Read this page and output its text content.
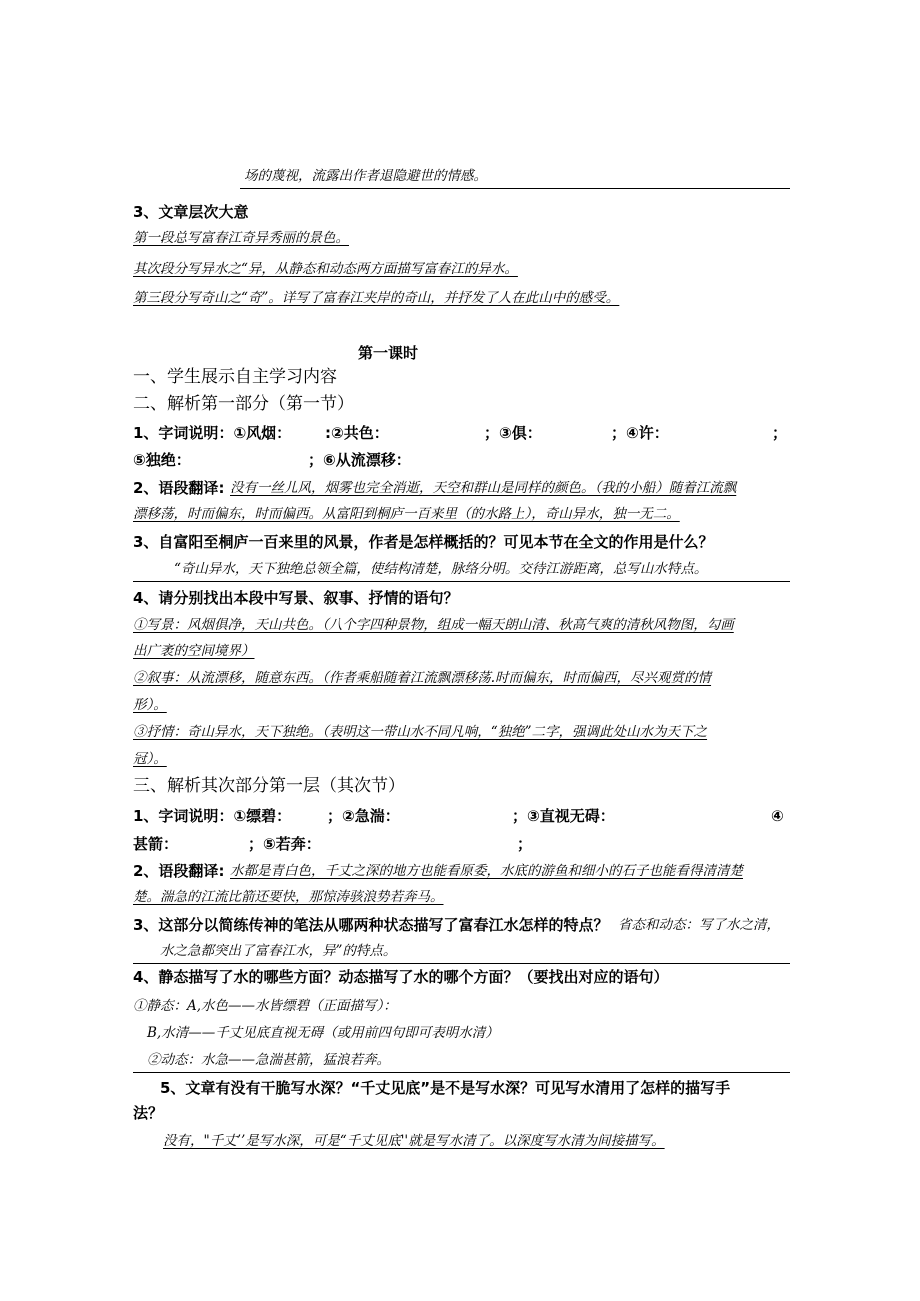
场的蔑视，流露出作者退隐避世的情感。
3、文章层次大意
第一段总写富春江奇异秀丽的景色。
其次段分写异水之“异，从静态和动态两方面描写富春江的异水。
第三段分写奇山之“奇”。详写了富春江夹岸的奇山，并抒发了人在此山中的感受。
第一课时
一、学生展示自主学习内容
二、解析第一部分（第一节）
1、字词说明：①风烟： :②共色：	；③俱：	；④许：	；
⑤独绝：	；⑥从流漂移：
2、语段翻译: 没有一丝儿风，烟雾也完全消逝，天空和群山是同样的颜色。（我的小船）随着江流飘
漂移荡，时而偏东，时而偏西。从富阳到桐庐一百来里（的水路上），奇山异水，独一无二。
3、自富阳至桐庐一百来里的风景，作者是怎样概括的？可见本节在全文的作用是什么？
“奇山异水，天下独绝总领全篇，使结构清楚，脉络分明。交待江游距离，总写山水特点。
4、请分别找出本段中写景、叙事、抒情的语句？
①写景：风烟俱净，天山共色。（八个字四种景物，组成一幅天朗山清、秋高气爽的清秋风物图，勾画
出广袤的空间境界）
②叙事：从流漂移，随意东西。（作者乘船随着江流飘漂移荡.时而偏东，时而偏西，尽兴观赏的情
形）。
③抒情：奇山异水，天下独绝。（表明这一带山水不同凡响，“独绝”二字，强调此处山水为天下之
冠）。
三、解析其次部分第一层（其次节）
1、字词说明：①缥碧： ；②急湍：	；③直视无碍：	④
甚箭：	；⑤若奔：	；
2、语段翻译: 水都是青白色，千丈之深的地方也能看原委，水底的游鱼和细小的石子也能看得清清楚
楚。湍急的江流比箭还要快，那惊涛骇浪势若奔马。
3、这部分以简练传神的笔法从哪两种状态描写了富春江水怎样的特点？ 省态和动态：写了水之清，
水之急都突出了富春江水，异”的特点。
4、静态描写了水的哪些方面？动态描写了水的哪个方面？（要找出对应的语句）
①静态：A,水色——水皆缥碧（正面描写）：
B,水清——千丈见底直视无碍（或用前四句即可表明水清）
②动态：水急——急湍甚箭，猛浪若奔。
5、文章有没有干脆写水深？“千丈见底”是不是写水深？可见写水清用了怎样的描写手
法？
没有，"千丈’’是写水深，可是“千丈见底''就是写水清了。以深度写水清为间接描写。
